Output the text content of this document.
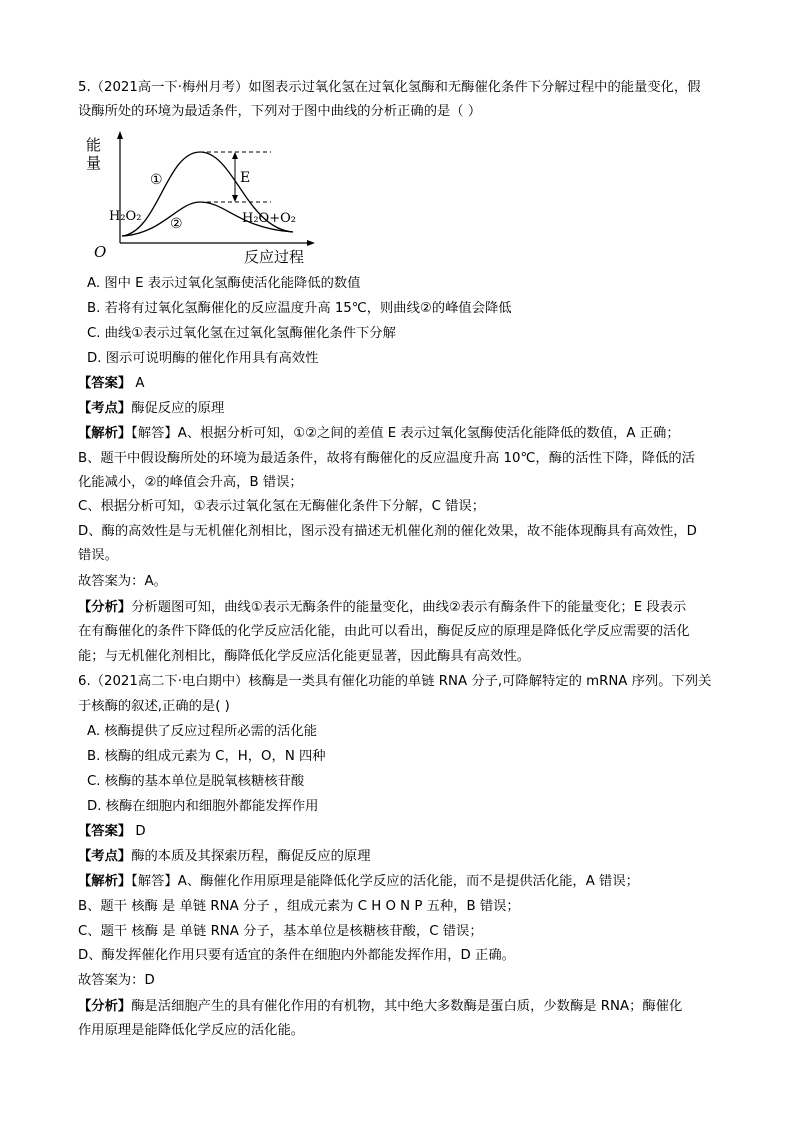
5.（2021高一下·梅州月考）如图表示过氧化氢在过氧化氢酶和无酶催化条件下分解过程中的能量变化，假
设酶所处的环境为最适条件，下列对于图中曲线的分析正确的是（ ）
能
量
①
②
E
H₂O₂	H₂O+O₂
O	反应过程
A. 图中 E 表示过氧化氢酶使活化能降低的数值
B. 若将有过氧化氢酶催化的反应温度升高 15℃，则曲线②的峰值会降低
C. 曲线①表示过氧化氢在过氧化氢酶催化条件下分解
D. 图示可说明酶的催化作用具有高效性
【答案】 A
【考点】酶促反应的原理
【解析】【解答】A、根据分析可知，①②之间的差值 E 表示过氧化氢酶使活化能降低的数值，A 正确；
B、题干中假设酶所处的环境为最适条件，故将有酶催化的反应温度升高 10℃，酶的活性下降，降低的活
化能减小，②的峰值会升高，B 错误；
C、根据分析可知，①表示过氧化氢在无酶催化条件下分解，C 错误；
D、酶的高效性是与无机催化剂相比，图示没有描述无机催化剂的催化效果，故不能体现酶具有高效性，D
错误。
故答案为：A。
【分析】分析题图可知，曲线①表示无酶条件的能量变化，曲线②表示有酶条件下的能量变化；E 段表示
在有酶催化的条件下降低的化学反应活化能，由此可以看出，酶促反应的原理是降低化学反应需要的活化
能；与无机催化剂相比，酶降低化学反应活化能更显著，因此酶具有高效性。
6.（2021高二下·电白期中）核酶是一类具有催化功能的单链 RNA 分子,可降解特定的 mRNA 序列。下列关
于核酶的叙述,正确的是( )
A. 核酶提供了反应过程所必需的活化能
B. 核酶的组成元素为 C，H，O，N 四种
C. 核酶的基本单位是脱氧核糖核苷酸
D. 核酶在细胞内和细胞外都能发挥作用
【答案】 D
【考点】酶的本质及其探索历程，酶促反应的原理
【解析】【解答】A、酶催化作用原理是能降低化学反应的活化能，而不是提供活化能，A 错误；
B、题干 核酶 是 单链 RNA 分子 ，组成元素为 C H O N P 五种，B 错误；
C、题干 核酶 是 单链 RNA 分子，基本单位是核糖核苷酸，C 错误；
D、酶发挥催化作用只要有适宜的条件在细胞内外都能发挥作用，D 正确。
故答案为：D
【分析】酶是活细胞产生的具有催化作用的有机物，其中绝大多数酶是蛋白质，少数酶是 RNA；酶催化
作用原理是能降低化学反应的活化能。
